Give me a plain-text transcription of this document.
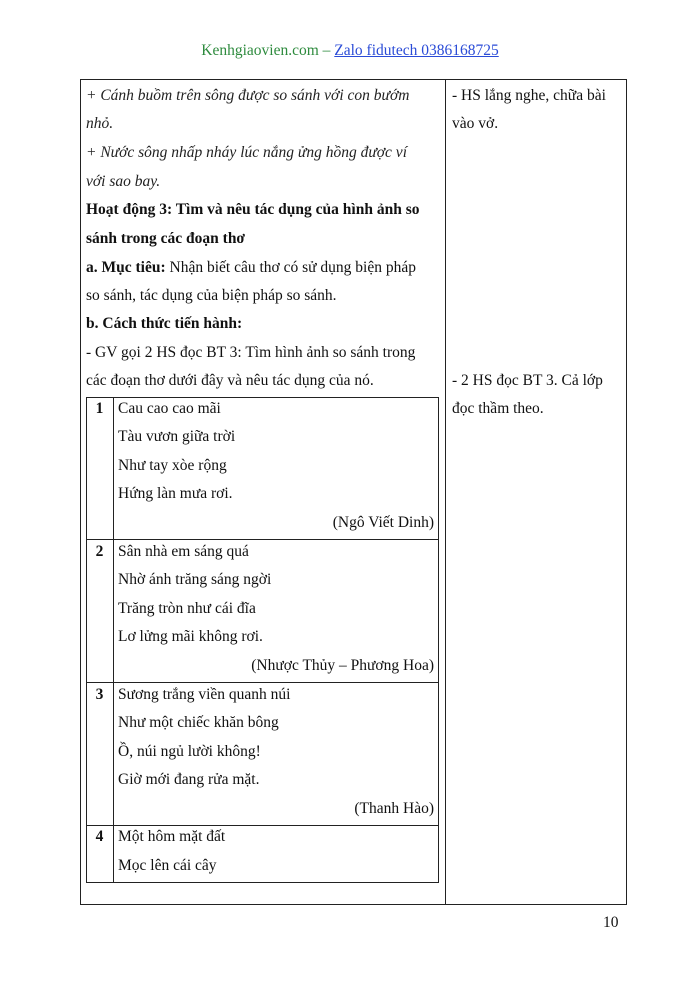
Kenhgiaovien.com – Zalo fidutech 0386168725
+ Cánh buồm trên sông được so sánh với con bướm
nhỏ.
+ Nước sông nhấp nháy lúc nắng ửng hồng được ví
với sao bay.
Hoạt động 3: Tìm và nêu tác dụng của hình ảnh so
sánh trong các đoạn thơ
a. Mục tiêu: Nhận biết câu thơ có sử dụng biện pháp
so sánh, tác dụng của biện pháp so sánh.
b. Cách thức tiến hành:
- GV gọi 2 HS đọc BT 3: Tìm hình ảnh so sánh trong
các đoạn thơ dưới đây và nêu tác dụng của nó.
- HS lắng nghe, chữa bài
vào vở.
- 2 HS đọc BT 3. Cả lớp
đọc thầm theo.
1 Cau cao cao mãi
Tàu vươn giữa trời
Như tay xòe rộng
Hứng làn mưa rơi.
(Ngô Viết Dinh)
2 Sân nhà em sáng quá
Nhờ ánh trăng sáng ngời
Trăng tròn như cái đĩa
Lơ lửng mãi không rơi.
(Nhược Thủy – Phương Hoa)
3 Sương trắng viền quanh núi
Như một chiếc khăn bông
Ồ, núi ngủ lười không!
Giờ mới đang rửa mặt.
(Thanh Hào)
4 Một hôm mặt đất
Mọc lên cái cây
10
